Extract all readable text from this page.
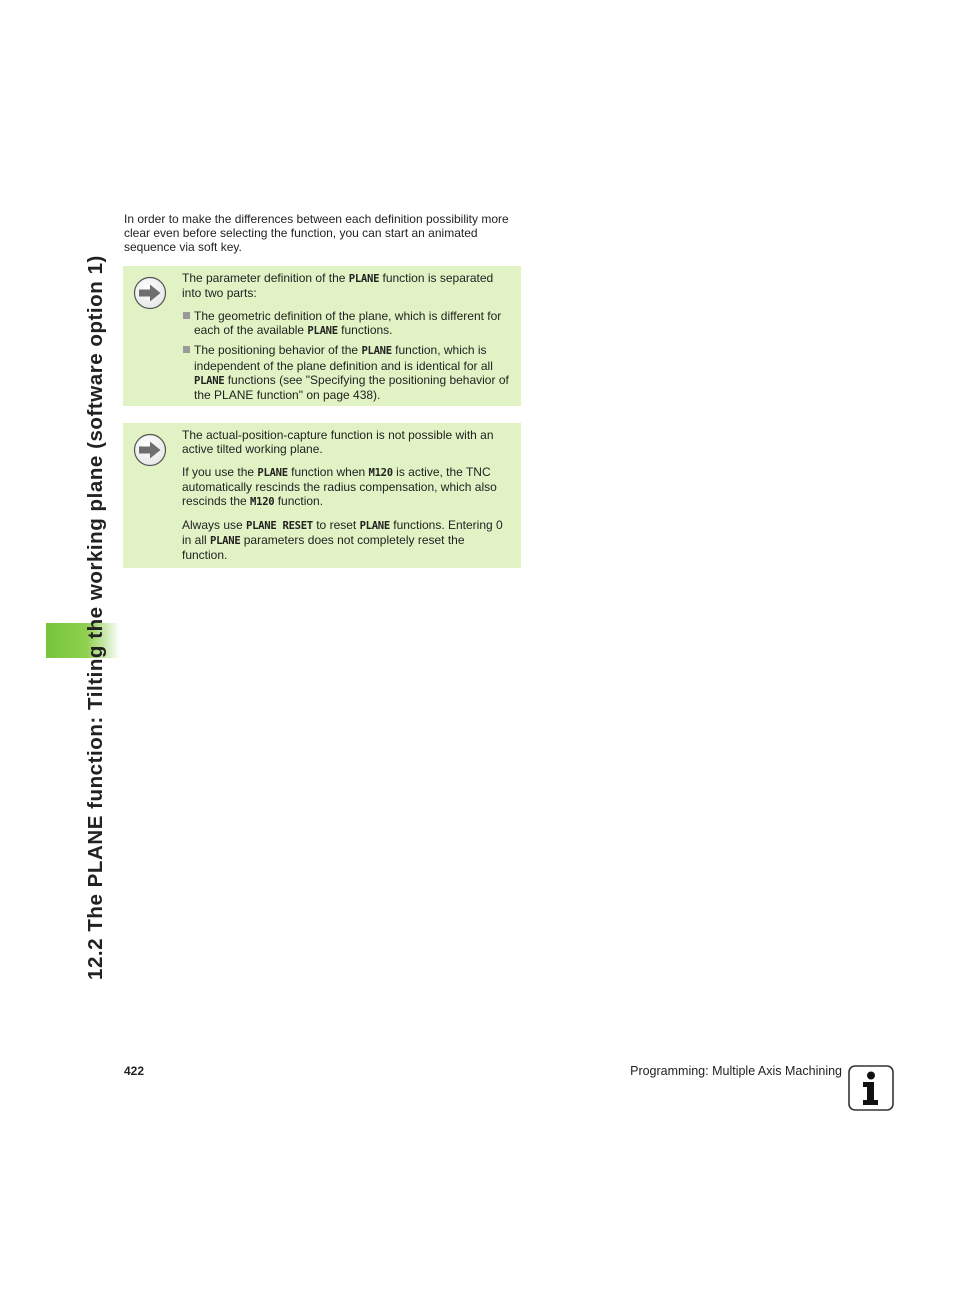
12.2 The PLANE function: Tilting the working plane (software option 1)

In order to make the differences between each definition possibility more clear even before selecting the function, you can start an animated sequence via soft key.

The parameter definition of the PLANE function is separated into two parts:

The geometric definition of the plane, which is different for each of the available PLANE functions.
The positioning behavior of the PLANE function, which is independent of the plane definition and is identical for all PLANE functions (see "Specifying the positioning behavior of the PLANE function" on page 438).

The actual-position-capture function is not possible with an active tilted working plane.

If you use the PLANE function when M120 is active, the TNC automatically rescinds the radius compensation, which also rescinds the M120 function.

Always use PLANE RESET to reset PLANE functions. Entering 0 in all PLANE parameters does not completely reset the function.

422	Programming: Multiple Axis Machining
